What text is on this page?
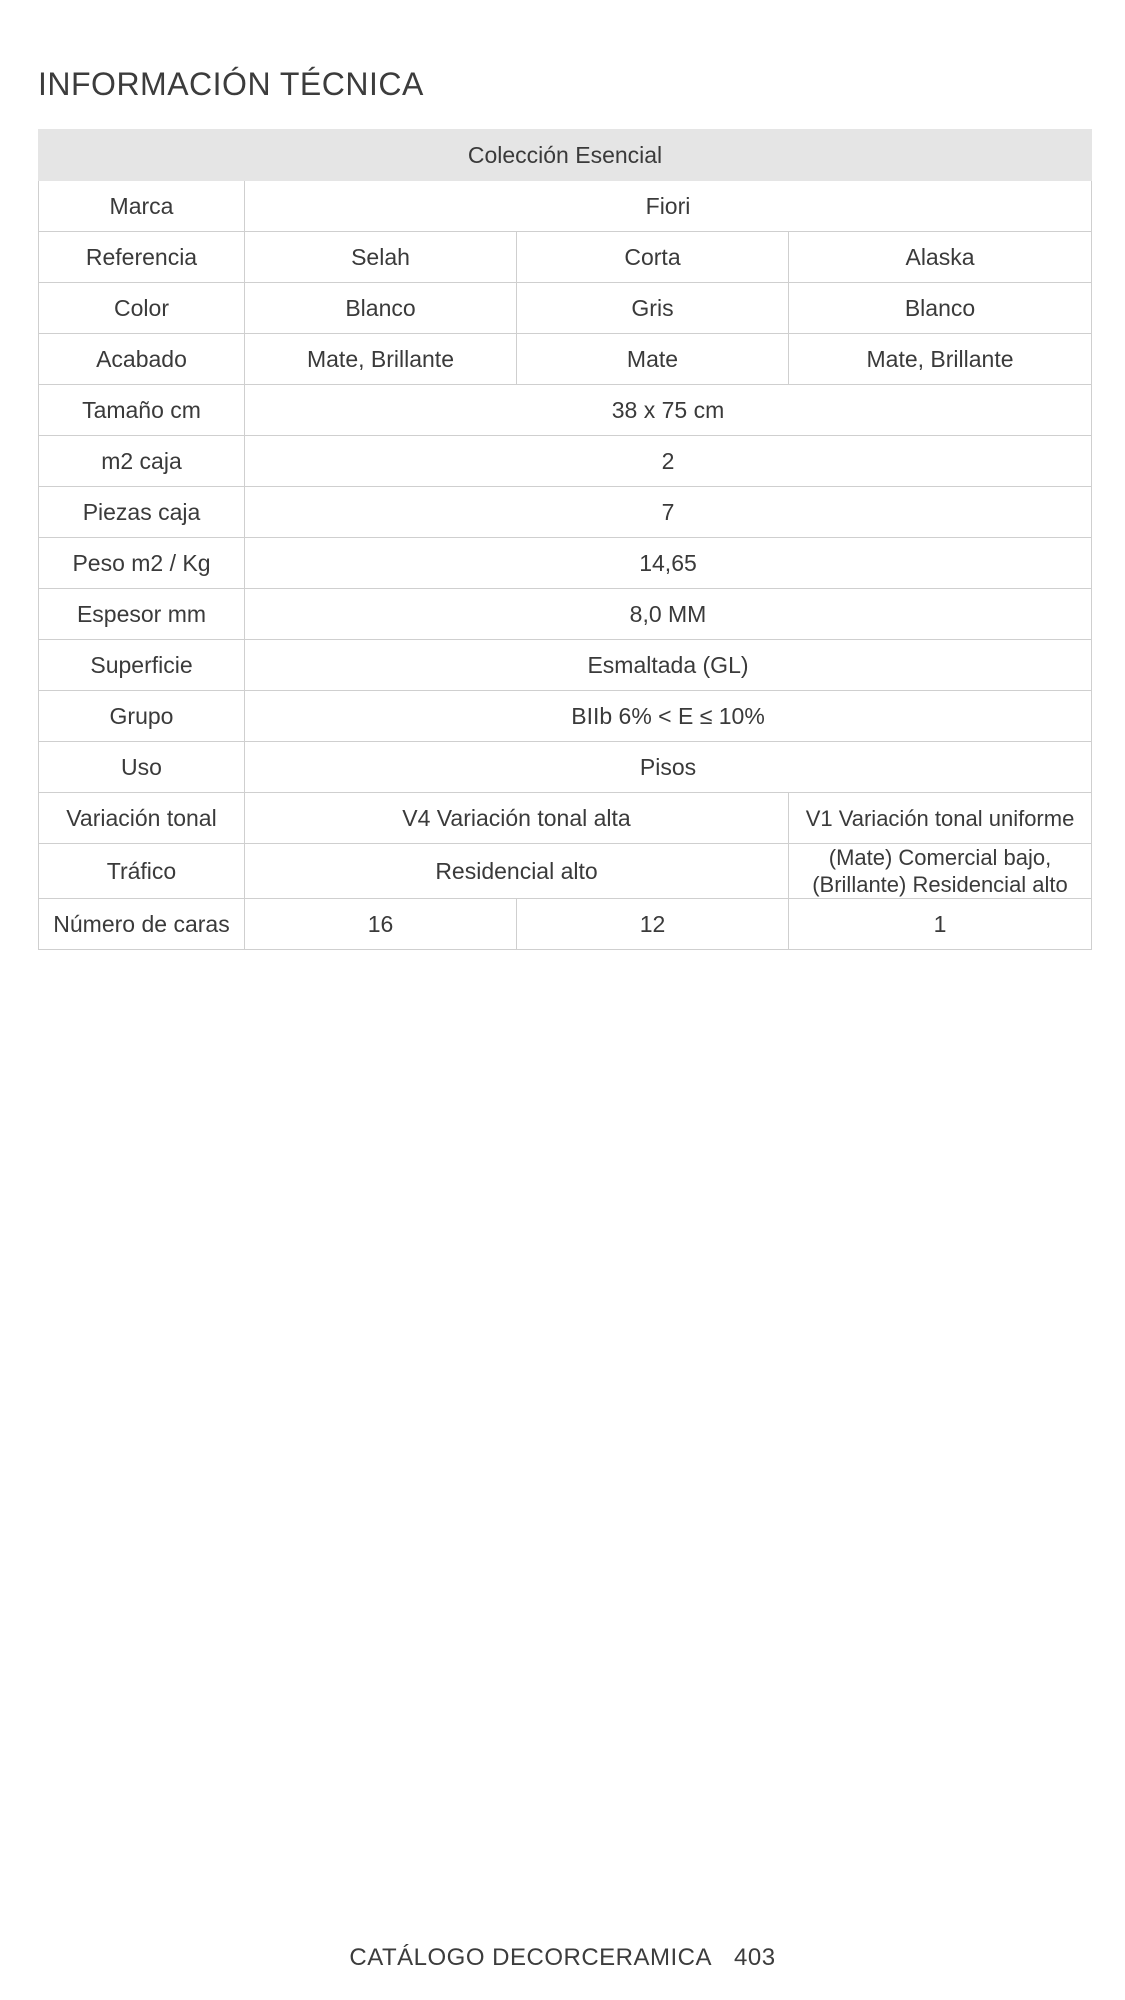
INFORMACIÓN TÉCNICA
Colección Esencial			
Marca	Fiori		
Referencia	Selah	Corta	Alaska
Color	Blanco	Gris	Blanco
Acabado	Mate, Brillante	Mate	Mate, Brillante
Tamaño cm	38 x 75 cm		
m2 caja	2		
Piezas caja	7		
Peso m2 / Kg	14,65		
Espesor mm	8,0 MM		
Superficie	Esmaltada (GL)		
Grupo	BIIb 6% < E ≤ 10%		
Uso	Pisos		
Variación tonal	V4 Variación tonal alta		V1 Variación tonal uniforme
Tráfico	Residencial alto		(Mate) Comercial bajo, (Brillante) Residencial alto
Número de caras	16	12	1
CATÁLOGO DECORCERAMICA 403
